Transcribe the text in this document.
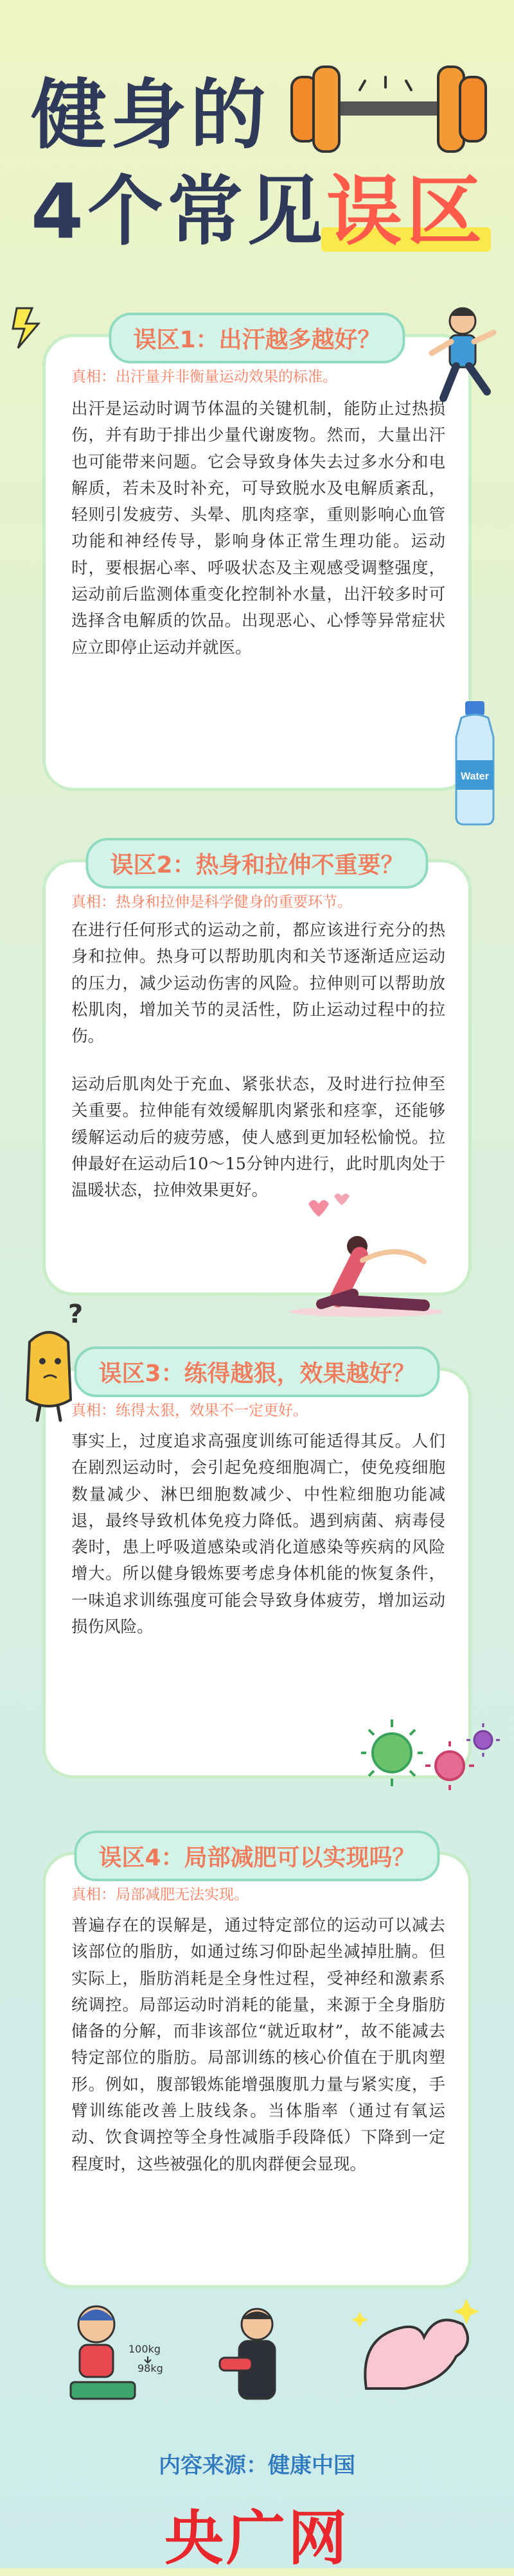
健身的
4个常见误区
误区1：出汗越多越好？
真相：出汗量并非衡量运动效果的标准。
出汗是运动时调节体温的关键机制，能防止过热损伤，并有助于排出少量代谢废物。然而，大量出汗也可能带来问题。它会导致身体失去过多水分和电解质，若未及时补充，可导致脱水及电解质紊乱，轻则引发疲劳、头晕、肌肉痉挛，重则影响心血管功能和神经传导，影响身体正常生理功能。运动时，要根据心率、呼吸状态及主观感受调整强度，运动前后监测体重变化控制补水量，出汗较多时可选择含电解质的饮品。出现恶心、心悸等异常症状应立即停止运动并就医。
Water
误区2：热身和拉伸不重要？
真相：热身和拉伸是科学健身的重要环节。
在进行任何形式的运动之前，都应该进行充分的热身和拉伸。热身可以帮助肌肉和关节逐渐适应运动的压力，减少运动伤害的风险。拉伸则可以帮助放松肌肉，增加关节的灵活性，防止运动过程中的拉伤。
运动后肌肉处于充血、紧张状态，及时进行拉伸至关重要。拉伸能有效缓解肌肉紧张和痉挛，还能够缓解运动后的疲劳感，使人感到更加轻松愉悦。拉伸最好在运动后10～15分钟内进行，此时肌肉处于温暖状态，拉伸效果更好。
误区3：练得越狠，效果越好？
真相：练得太狠，效果不一定更好。
事实上，过度追求高强度训练可能适得其反。人们在剧烈运动时，会引起免疫细胞凋亡，使免疫细胞数量减少、淋巴细胞数减少、中性粒细胞功能减退，最终导致机体免疫力降低。遇到病菌、病毒侵袭时，患上呼吸道感染或消化道感染等疾病的风险增大。所以健身锻炼要考虑身体机能的恢复条件，一味追求训练强度可能会导致身体疲劳，增加运动损伤风险。
?
误区4：局部减肥可以实现吗？
真相：局部减肥无法实现。
普遍存在的误解是，通过特定部位的运动可以减去该部位的脂肪，如通过练习仰卧起坐减掉肚腩。但实际上，脂肪消耗是全身性过程，受神经和激素系统调控。局部运动时消耗的能量，来源于全身脂肪储备的分解，而非该部位“就近取材”，故不能减去特定部位的脂肪。局部训练的核心价值在于肌肉塑形。例如，腹部锻炼能增强腹肌力量与紧实度，手臂训练能改善上肢线条。当体脂率（通过有氧运动、饮食调控等全身性减脂手段降低）下降到一定程度时，这些被强化的肌肉群便会显现。
100kg
98kg
内容来源：健康中国
央广网
